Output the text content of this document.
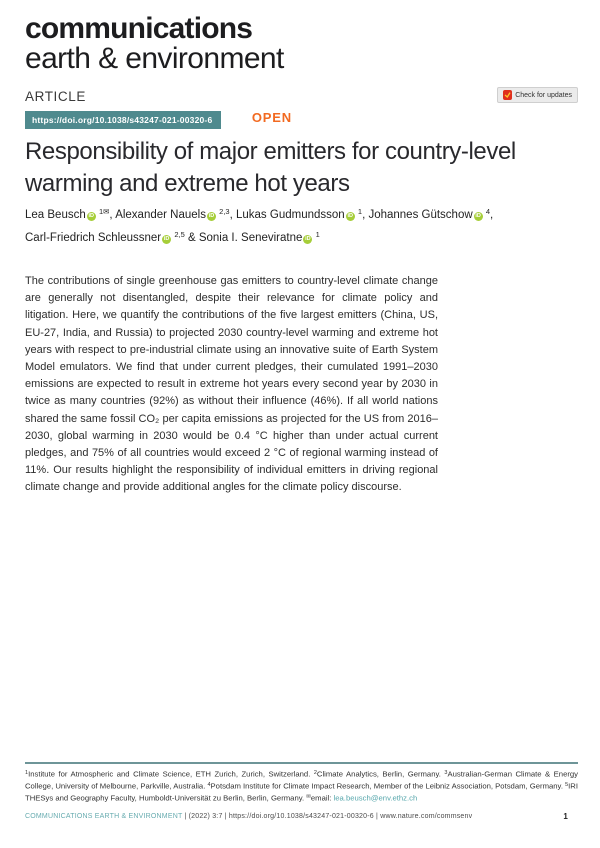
communications
earth & environment
ARTICLE	Check for updates
https://doi.org/10.1038/s43247-021-00320-6	OPEN
Responsibility of major emitters for country-level
warming and extreme hot years
Lea Beusch iD $^{1✉}$, Alexander Nauels iD $^{2,3}$, Lukas Gudmundsson iD $^1$, Johannes Gütschow iD $^4$,
Carl-Friedrich Schleussner iD $^{2,5}$ & Sonia I. Seneviratne iD $^1$

The contributions of single greenhouse gas emitters to country-level climate change are generally not disentangled, despite their relevance for climate policy and litigation. Here, we quantify the contributions of the five largest emitters (China, US, EU-27, India, and Russia) to projected 2030 country-level warming and extreme hot years with respect to pre-industrial climate using an innovative suite of Earth System Model emulators. We find that under current pledges, their cumulated 1991–2030 emissions are expected to result in extreme hot years every second year by 2030 in twice as many countries (92%) as without their influence (46%). If all world nations shared the same fossil CO₂ per capita emissions as projected for the US from 2016–2030, global warming in 2030 would be 0.4 °C higher than under actual current pledges, and 75% of all countries would exceed 2 °C of regional warming instead of 11%. Our results highlight the responsibility of individual emitters in driving regional climate change and provide additional angles for the climate policy discourse.

$^1$Institute for Atmospheric and Climate Science, ETH Zurich, Zurich, Switzerland. $^2$Climate Analytics, Berlin, Germany. $^3$Australian-German Climate & Energy College, University of Melbourne, Parkville, Australia. $^4$Potsdam Institute for Climate Impact Research, Member of the Leibniz Association, Potsdam, Germany. $^5$IRI THESys and Geography Faculty, Humboldt-Universität zu Berlin, Berlin, Germany. ✉email: lea.beusch@env.ethz.ch

COMMUNICATIONS EARTH & ENVIRONMENT | (2022) 3:7 | https://doi.org/10.1038/s43247-021-00320-6 | www.nature.com/commsenv	1
